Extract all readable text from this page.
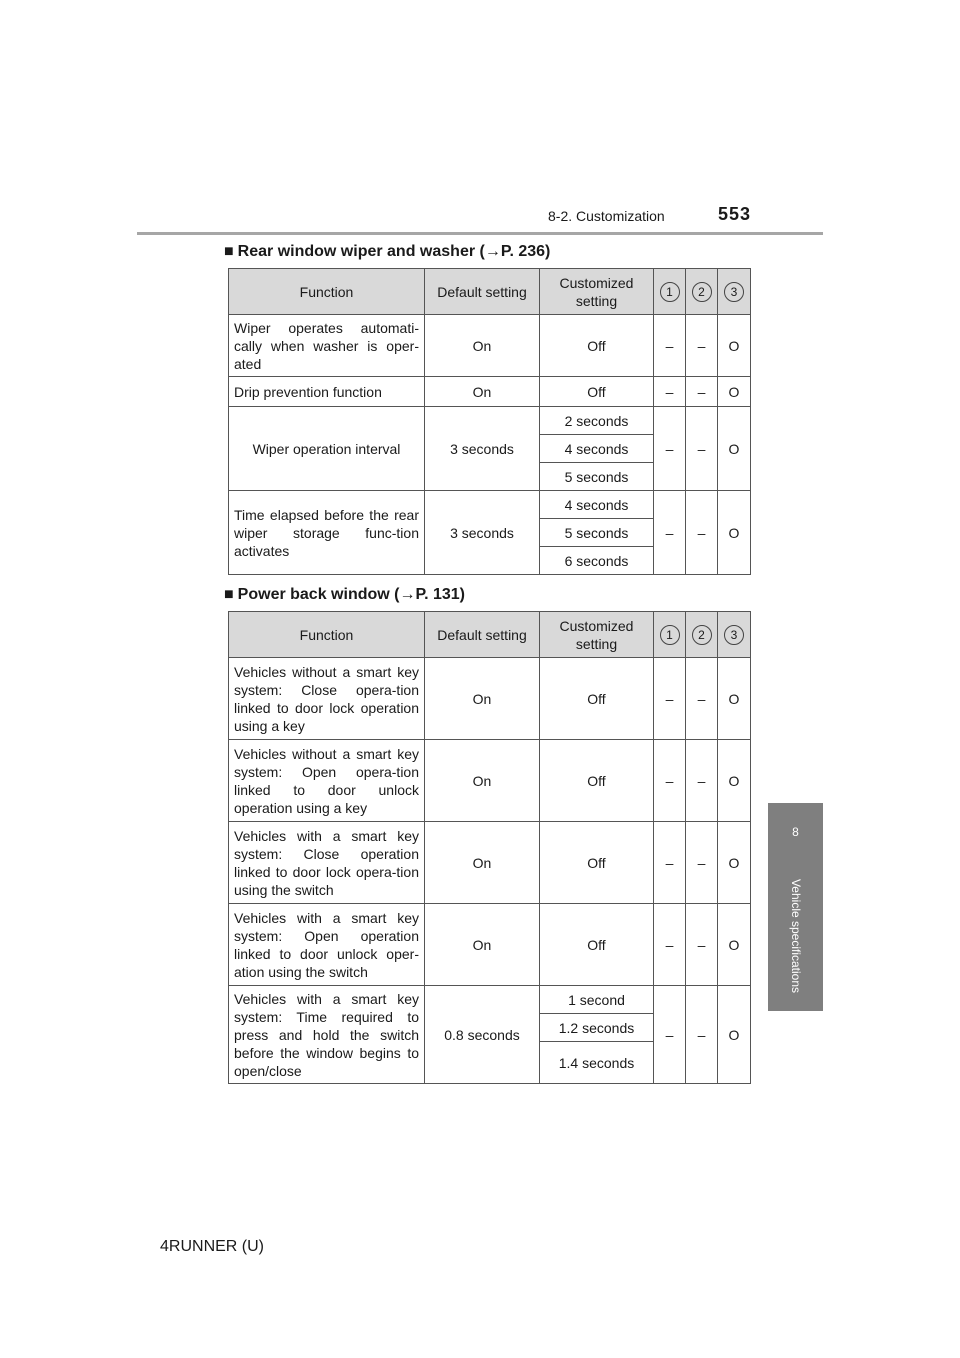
8-2. Customization	553
8
Vehicle specifications
■ Rear window wiper and washer (→P. 236)
Function	Default setting	Customized setting	1	2	3
Wiper operates automati-cally when washer is oper-ated	On	Off	–	–	O
Drip prevention function	On	Off	–	–	O
Wiper operation interval	3 seconds	2 seconds	–	–	O
		4 seconds			
		5 seconds			
Time elapsed before the rear wiper storage func-tion activates	3 seconds	4 seconds	–	–	O
		5 seconds			
		6 seconds			
■ Power back window (→P. 131)
Function	Default setting	Customized setting	1	2	3
Vehicles without a smart key system: Close opera-tion linked to door lock operation using a key	On	Off	–	–	O
Vehicles without a smart key system: Open opera-tion linked to door unlock operation using a key	On	Off	–	–	O
Vehicles with a smart key system: Close operation linked to door lock opera-tion using the switch	On	Off	–	–	O
Vehicles with a smart key system: Open operation linked to door unlock oper-ation using the switch	On	Off	–	–	O
Vehicles with a smart key system: Time required to press and hold the switch before the window begins to open/close	0.8 seconds	1 second	–	–	O
		1.2 seconds			
		1.4 seconds			
4RUNNER (U)
